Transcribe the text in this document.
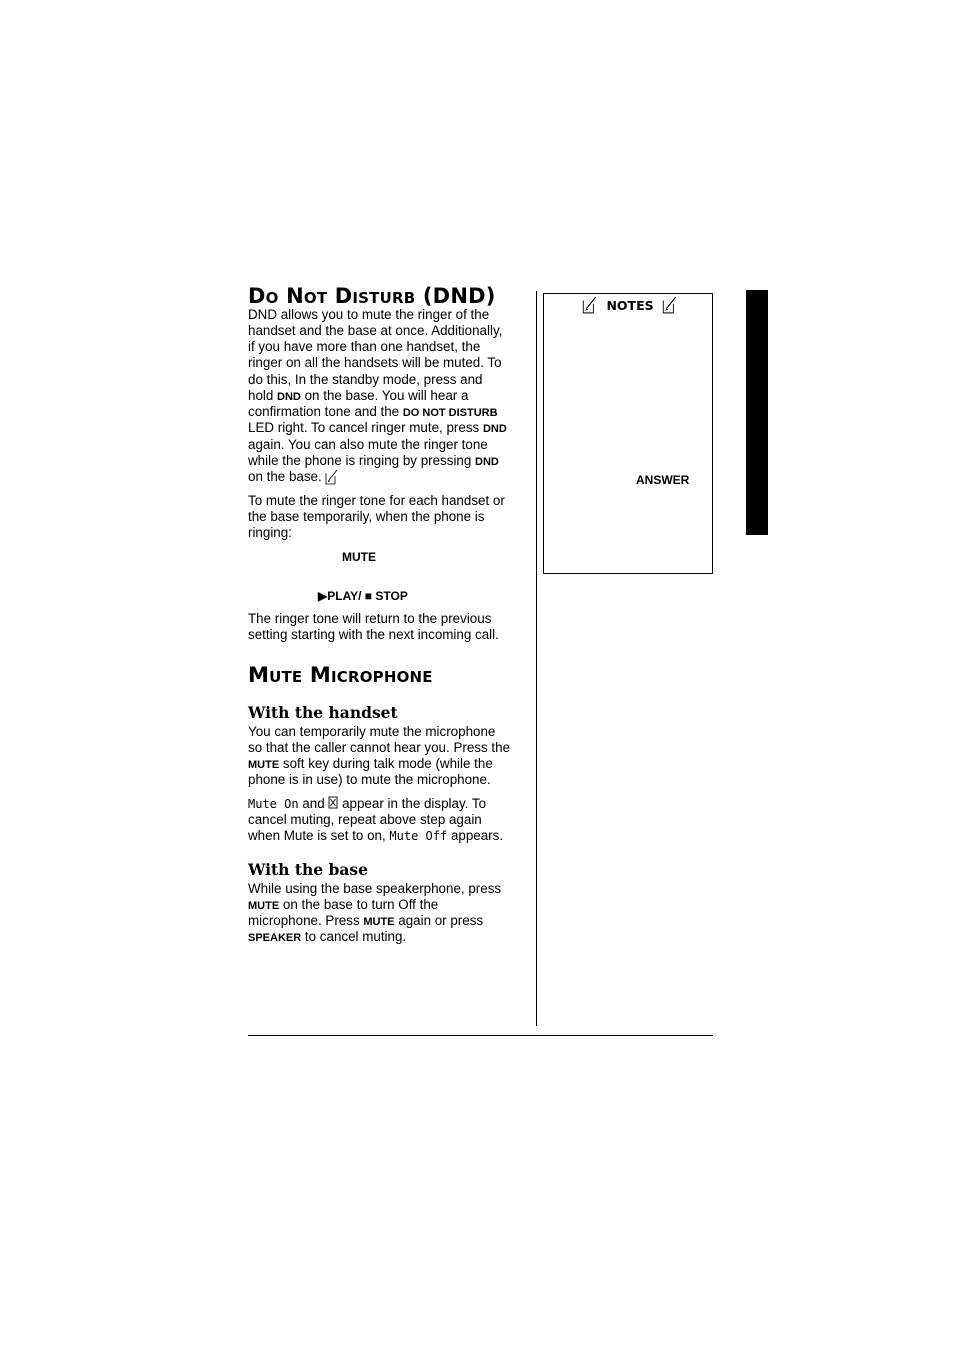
Do Not Disturb (DND)
DND allows you to mute the ringer of the
handset and the base at once. Additionally,
if you have more than one handset, the
ringer on all the handsets will be muted. To
do this, In the standby mode, press and
hold DND on the base. You will hear a
confirmation tone and the DO NOT DISTURB
LED right. To cancel ringer mute, press DND
again. You can also mute the ringer tone
while the phone is ringing by pressing DND
on the base.
To mute the ringer tone for each handset or
the base temporarily, when the phone is
ringing:
MUTE
▶PLAY/ ■ STOP
The ringer tone will return to the previous
setting starting with the next incoming call.
Mute Microphone
With the handset
You can temporarily mute the microphone
so that the caller cannot hear you. Press the
MUTE soft key during talk mode (while the
phone is in use) to mute the microphone.
Mute On and  appear in the display. To
cancel muting, repeat above step again
when Mute is set to on, Mute Off appears.
With the base
While using the base speakerphone, press
MUTE on the base to turn Off the
microphone. Press MUTE again or press
SPEAKER to cancel muting.
NOTES
ANSWER
